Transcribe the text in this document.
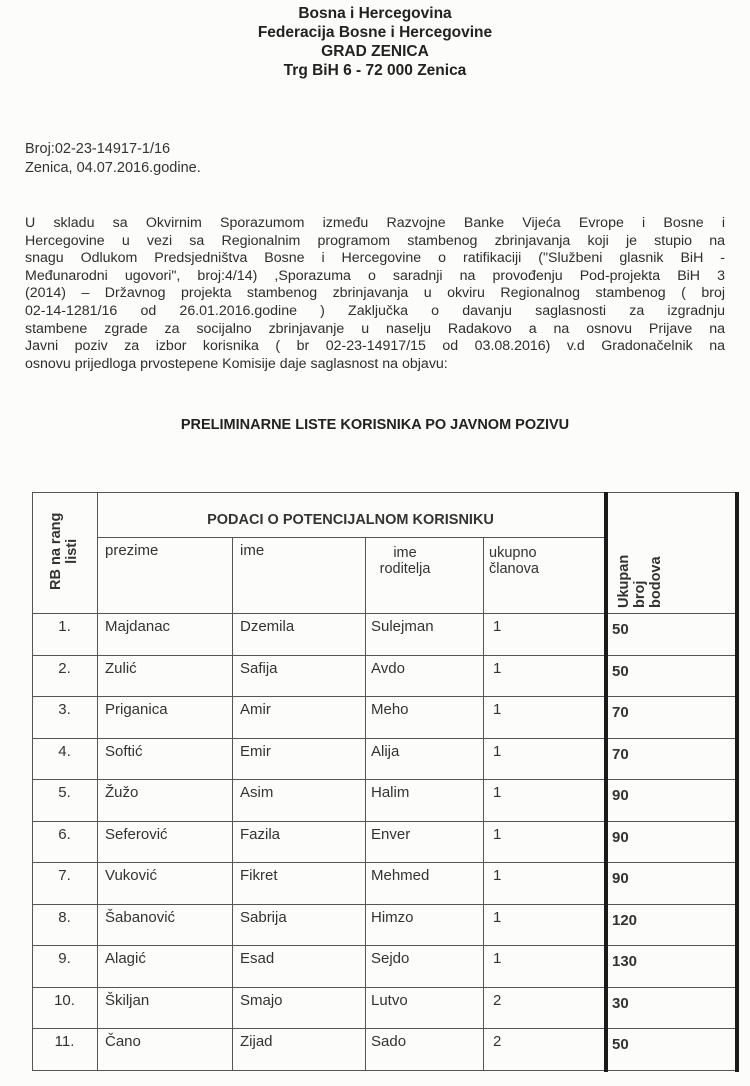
Bosna i Hercegovina
Federacija Bosne i Hercegovine
GRAD ZENICA
Trg BiH 6 - 72 000 Zenica
Broj:02-23-14917-1/16
Zenica, 04.07.2016.godine.
U skladu sa Okvirnim Sporazumom između Razvojne Banke Vijeća Evrope i Bosne i
Hercegovine u vezi sa Regionalnim programom stambenog zbrinjavanja koji je stupio na
snagu Odlukom Predsjedništva Bosne i Hercegovine o ratifikaciji ("Službeni glasnik BiH -
Međunarodni ugovori", broj:4/14) ,Sporazuma o saradnji na provođenju Pod-projekta BiH 3
(2014) – Državnog projekta stambenog zbrinjavanja u okviru Regionalnog stambenog ( broj
02-14-1281/16 od 26.01.2016.godine ) Zaključka o davanju saglasnosti za izgradnju
stambene zgrade za socijalno zbrinjavanje u naselju Radakovo a na osnovu Prijave na
Javni poziv za izbor korisnika ( br 02-23-14917/15 od 03.08.2016) v.d Gradonačelnik na
osnovu prijedloga prvostepene Komisije daje saglasnost na objavu:
PRELIMINARNE LISTE KORISNIKA PO JAVNOM POZIVU
RB na rang listi
PODACI O POTENCIJALNOM KORISNIKU
prezime	ime	ime
roditelja
ukupno
članova	Ukupan broj bodova
1.	Majdanac	Dzemila	Sulejman	1	50
2.	Zulić	Safija	Avdo	1	50
3.	Priganica	Amir	Meho	1	70
4.	Softić	Emir	Alija	1	70
5.	Žužo	Asim	Halim	1	90
6.	Seferović	Fazila	Enver	1	90
7.	Vuković	Fikret	Mehmed	1	90
8.	Šabanović	Sabrija	Himzo	1	120
9.	Alagić	Esad	Sejdo	1	130
10.	Škiljan	Smajo	Lutvo	2	30
11.	Čano	Zijad	Sado	2	50
